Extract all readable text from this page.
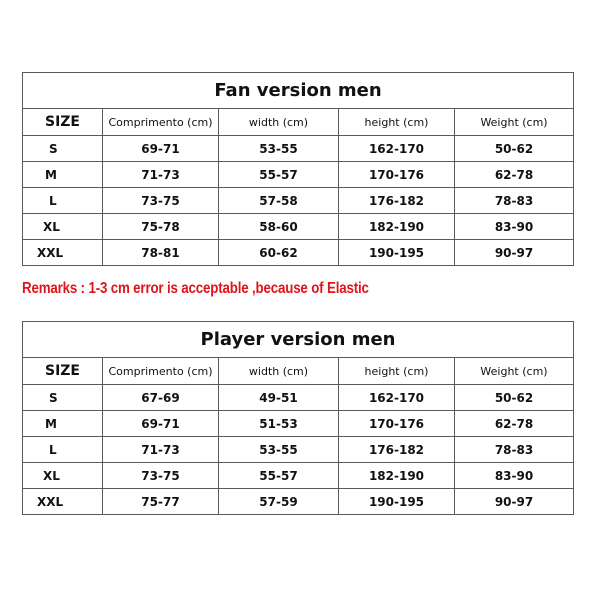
Fan version men				
SIZE	Comprimento (cm)	width (cm)	height (cm)	Weight (cm)
S	69-71	53-55	162-170	50-62
M	71-73	55-57	170-176	62-78
L	73-75	57-58	176-182	78-83
XL	75-78	58-60	182-190	83-90
XXL	78-81	60-62	190-195	90-97
Remarks : 1-3 cm error is acceptable ,because of Elastic
Player version men				
SIZE	Comprimento (cm)	width (cm)	height (cm)	Weight (cm)
S	67-69	49-51	162-170	50-62
M	69-71	51-53	170-176	62-78
L	71-73	53-55	176-182	78-83
XL	73-75	55-57	182-190	83-90
XXL	75-77	57-59	190-195	90-97
